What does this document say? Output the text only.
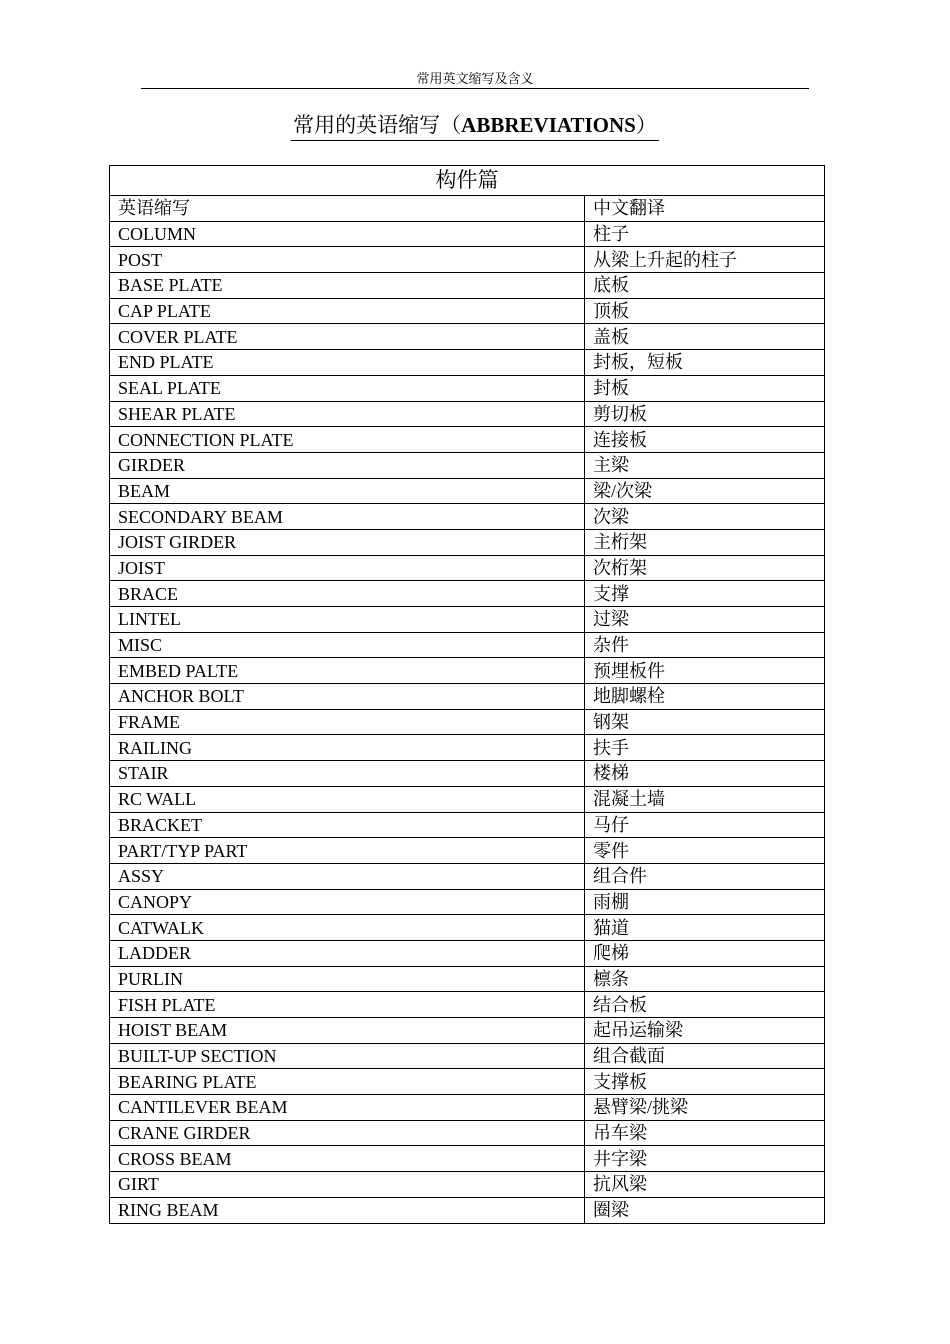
常用英文缩写及含义
常用的英语缩写（ABBREVIATIONS）
构件篇	
英语缩写	中文翻译
COLUMN	柱子
POST	从梁上升起的柱子
BASE PLATE	底板
CAP PLATE	顶板
COVER PLATE	盖板
END PLATE	封板，短板
SEAL PLATE	封板
SHEAR PLATE	剪切板
CONNECTION PLATE	连接板
GIRDER	主梁
BEAM	梁/次梁
SECONDARY BEAM	次梁
JOIST GIRDER	主桁架
JOIST	次桁架
BRACE	支撑
LINTEL	过梁
MISC	杂件
EMBED PALTE	预埋板件
ANCHOR BOLT	地脚螺栓
FRAME	钢架
RAILING	扶手
STAIR	楼梯
RC WALL	混凝土墙
BRACKET	马仔
PART/TYP PART	零件
ASSY	组合件
CANOPY	雨棚
CATWALK	猫道
LADDER	爬梯
PURLIN	檩条
FISH PLATE	结合板
HOIST BEAM	起吊运输梁
BUILT-UP SECTION	组合截面
BEARING PLATE	支撑板
CANTILEVER BEAM	悬臂梁/挑梁
CRANE GIRDER	吊车梁
CROSS BEAM	井字梁
GIRT	抗风梁
RING BEAM	圈梁
